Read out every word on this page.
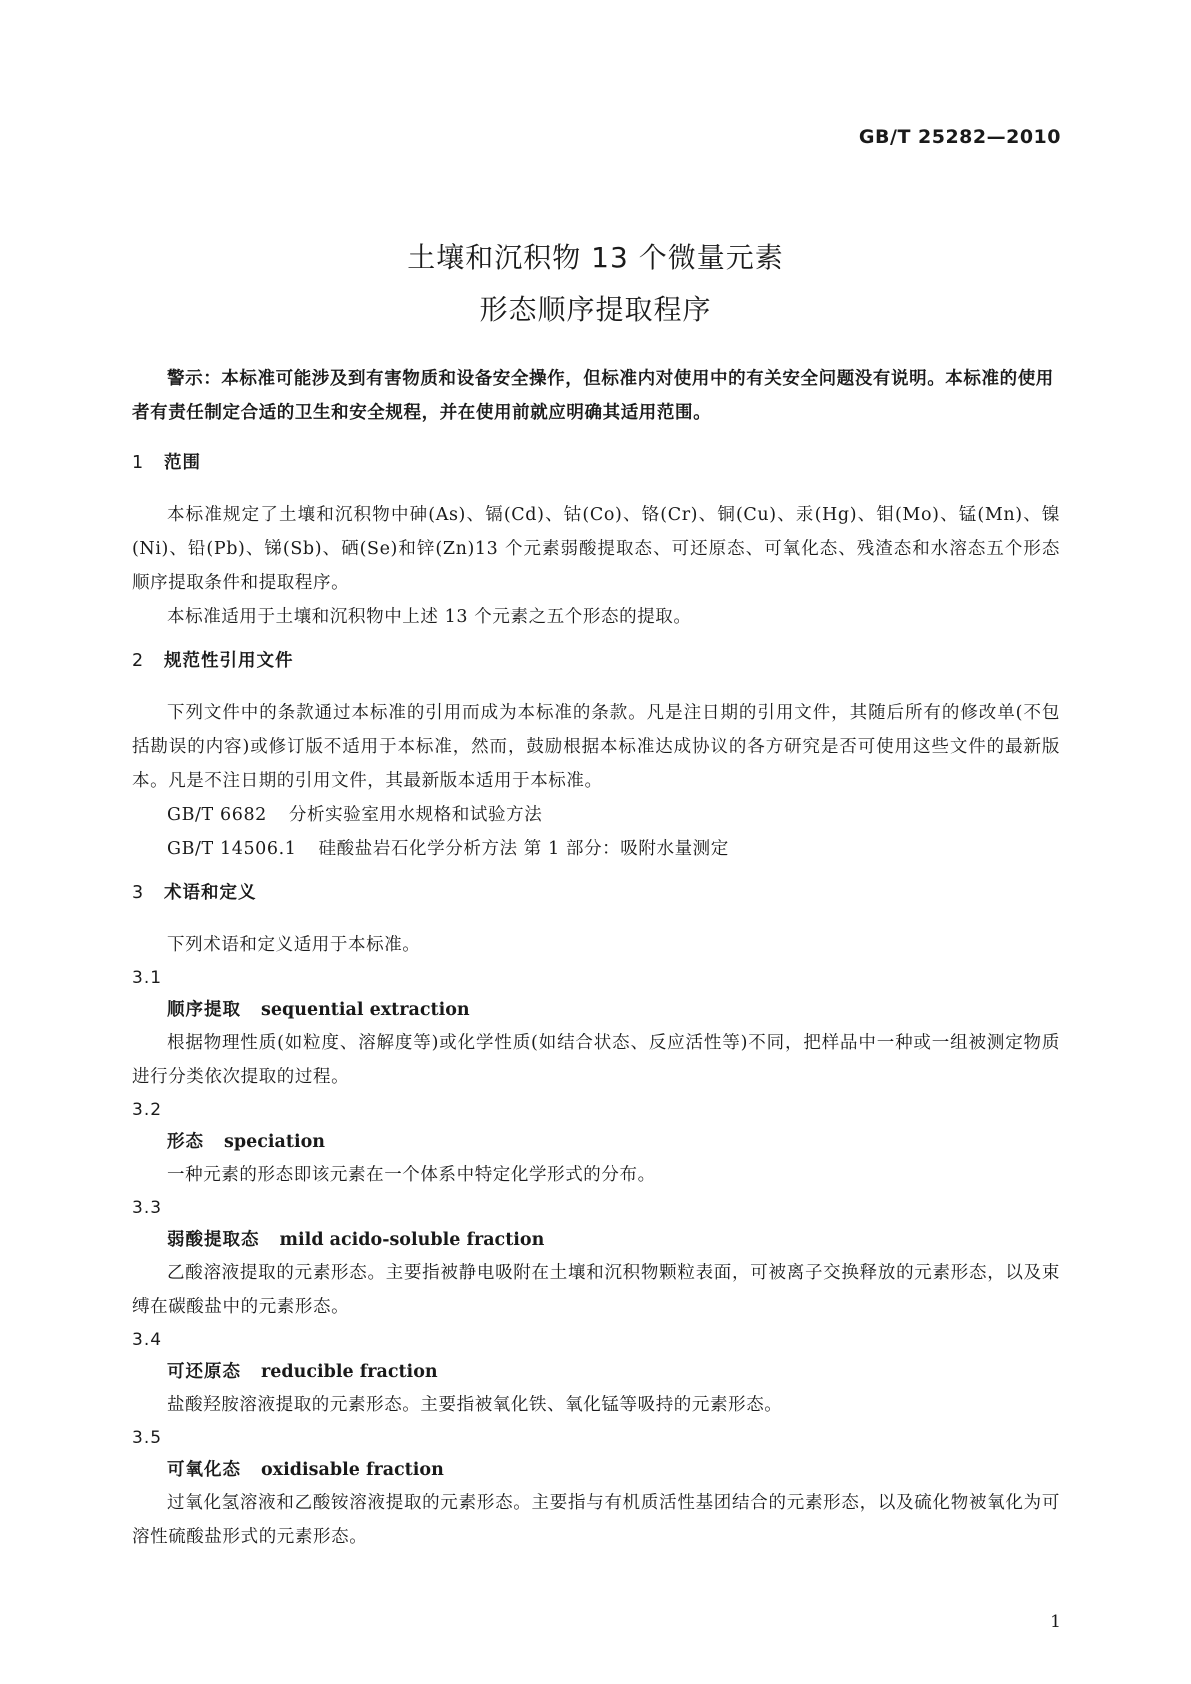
GB/T 25282—2010
土壤和沉积物 13 个微量元素
形态顺序提取程序

警示：本标准可能涉及到有害物质和设备安全操作，但标准内对使用中的有关安全问题没有说明。本标准的使用者有责任制定合适的卫生和安全规程，并在使用前就应明确其适用范围。

1 范围

本标准规定了土壤和沉积物中砷(As)、镉(Cd)、钴(Co)、铬(Cr)、铜(Cu)、汞(Hg)、钼(Mo)、锰(Mn)、镍(Ni)、铅(Pb)、锑(Sb)、硒(Se)和锌(Zn)13 个元素弱酸提取态、可还原态、可氧化态、残渣态和水溶态五个形态顺序提取条件和提取程序。

本标准适用于土壤和沉积物中上述 13 个元素之五个形态的提取。

2 规范性引用文件

下列文件中的条款通过本标准的引用而成为本标准的条款。凡是注日期的引用文件，其随后所有的修改单(不包括勘误的内容)或修订版不适用于本标准，然而，鼓励根据本标准达成协议的各方研究是否可使用这些文件的最新版本。凡是不注日期的引用文件，其最新版本适用于本标准。

GB/T 6682 分析实验室用水规格和试验方法

GB/T 14506.1 硅酸盐岩石化学分析方法 第 1 部分：吸附水量测定

3 术语和定义

下列术语和定义适用于本标准。

3.1

顺序提取 sequential extraction

根据物理性质(如粒度、溶解度等)或化学性质(如结合状态、反应活性等)不同，把样品中一种或一组被测定物质进行分类依次提取的过程。

3.2

形态 speciation

一种元素的形态即该元素在一个体系中特定化学形式的分布。

3.3

弱酸提取态 mild acido-soluble fraction

乙酸溶液提取的元素形态。主要指被静电吸附在土壤和沉积物颗粒表面，可被离子交换释放的元素形态，以及束缚在碳酸盐中的元素形态。

3.4

可还原态 reducible fraction

盐酸羟胺溶液提取的元素形态。主要指被氧化铁、氧化锰等吸持的元素形态。

3.5

可氧化态 oxidisable fraction

过氧化氢溶液和乙酸铵溶液提取的元素形态。主要指与有机质活性基团结合的元素形态，以及硫化物被氧化为可溶性硫酸盐形式的元素形态。

1
